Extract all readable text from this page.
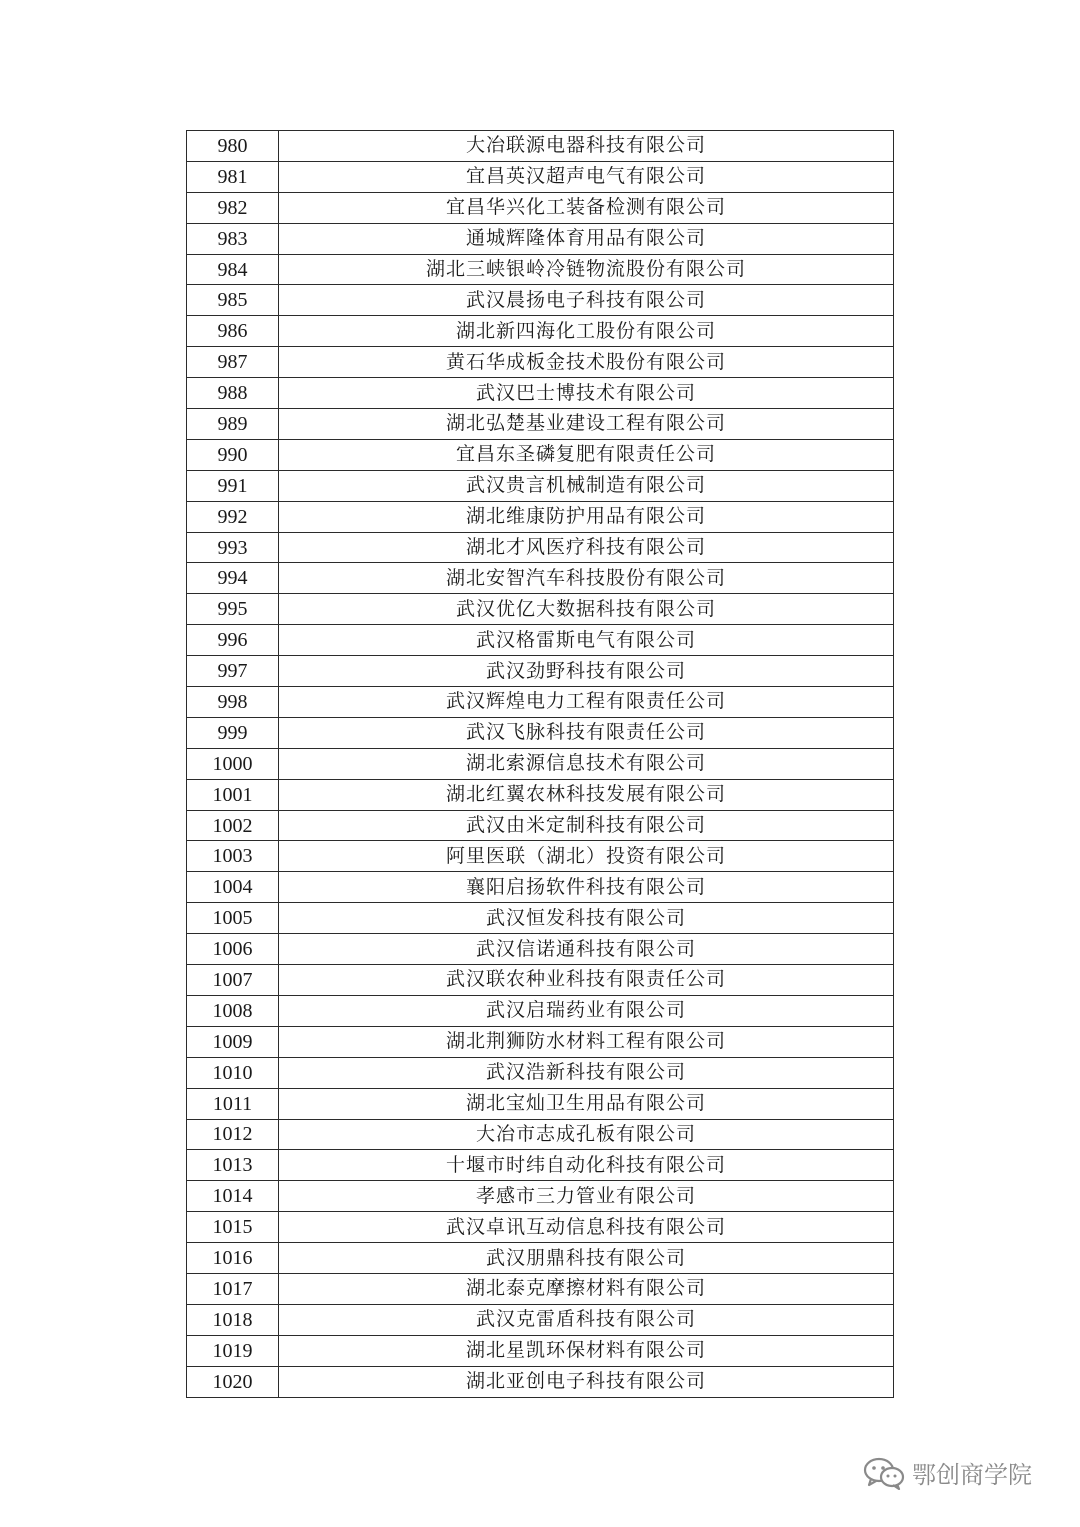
980	大冶联源电器科技有限公司
981	宜昌英汉超声电气有限公司
982	宜昌华兴化工装备检测有限公司
983	通城辉隆体育用品有限公司
984	湖北三峡银岭冷链物流股份有限公司
985	武汉晨扬电子科技有限公司
986	湖北新四海化工股份有限公司
987	黄石华成板金技术股份有限公司
988	武汉巴士博技术有限公司
989	湖北弘楚基业建设工程有限公司
990	宜昌东圣磷复肥有限责任公司
991	武汉贵言机械制造有限公司
992	湖北维康防护用品有限公司
993	湖北才风医疗科技有限公司
994	湖北安智汽车科技股份有限公司
995	武汉优亿大数据科技有限公司
996	武汉格雷斯电气有限公司
997	武汉劲野科技有限公司
998	武汉辉煌电力工程有限责任公司
999	武汉飞脉科技有限责任公司
1000	湖北索源信息技术有限公司
1001	湖北红翼农林科技发展有限公司
1002	武汉由米定制科技有限公司
1003	阿里医联（湖北）投资有限公司
1004	襄阳启扬软件科技有限公司
1005	武汉恒发科技有限公司
1006	武汉信诺通科技有限公司
1007	武汉联农种业科技有限责任公司
1008	武汉启瑞药业有限公司
1009	湖北荆狮防水材料工程有限公司
1010	武汉浩新科技有限公司
1011	湖北宝灿卫生用品有限公司
1012	大冶市志成孔板有限公司
1013	十堰市时纬自动化科技有限公司
1014	孝感市三力管业有限公司
1015	武汉卓讯互动信息科技有限公司
1016	武汉朋鼎科技有限公司
1017	湖北泰克摩擦材料有限公司
1018	武汉克雷盾科技有限公司
1019	湖北星凯环保材料有限公司
1020	湖北亚创电子科技有限公司
鄂创商学院
